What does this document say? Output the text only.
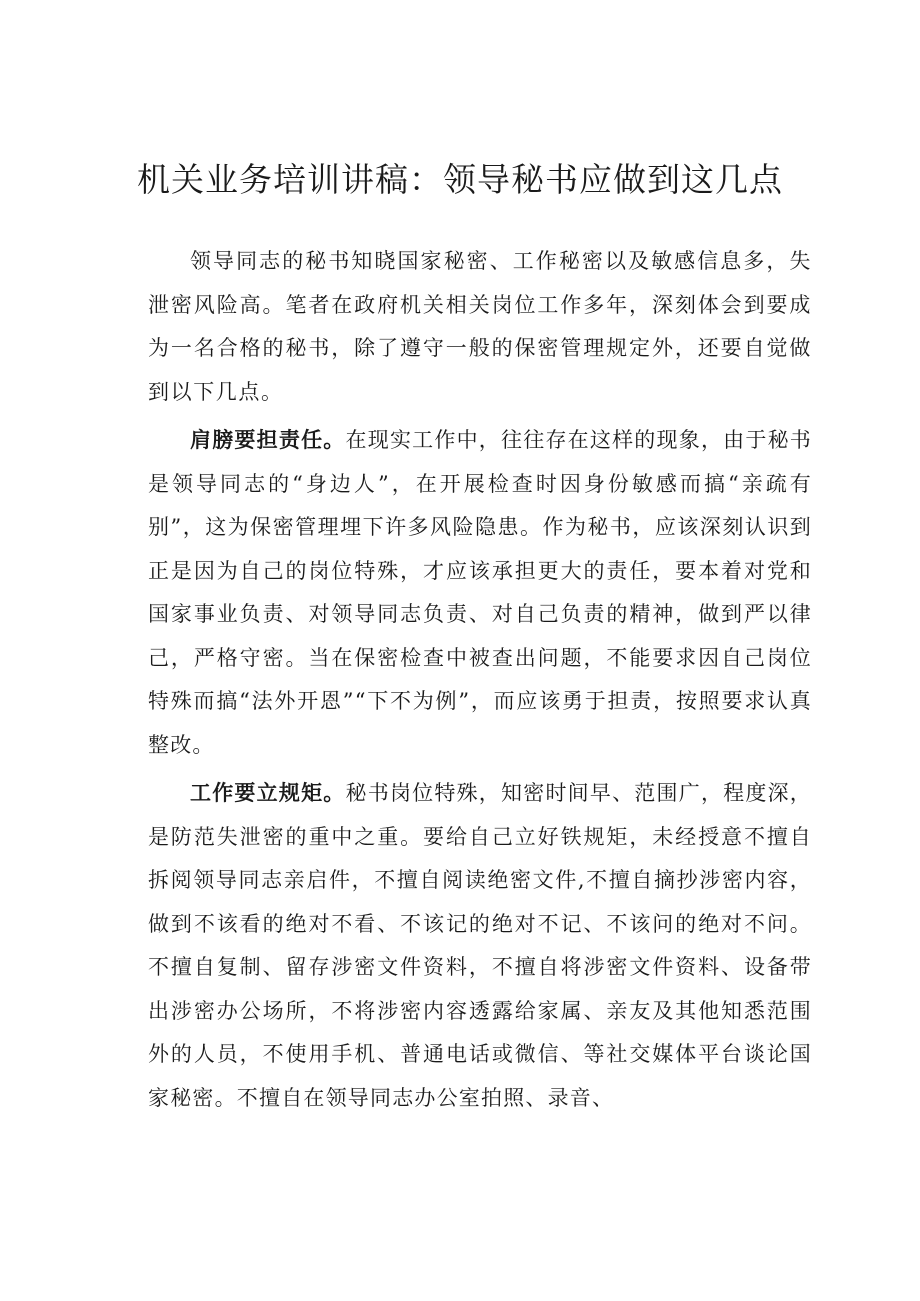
机关业务培训讲稿：领导秘书应做到这几点

领导同志的秘书知晓国家秘密、工作秘密以及敏感信息多，失泄密风险高。笔者在政府机关相关岗位工作多年，深刻体会到要成为一名合格的秘书，除了遵守一般的保密管理规定外，还要自觉做到以下几点。

肩膀要担责任。在现实工作中，往往存在这样的现象，由于秘书是领导同志的“身边人”，在开展检查时因身份敏感而搞“亲疏有别”，这为保密管理埋下许多风险隐患。作为秘书，应该深刻认识到正是因为自己的岗位特殊，才应该承担更大的责任，要本着对党和国家事业负责、对领导同志负责、对自己负责的精神，做到严以律己，严格守密。当在保密检查中被查出问题，不能要求因自己岗位特殊而搞“法外开恩”“下不为例”，而应该勇于担责，按照要求认真整改。

工作要立规矩。秘书岗位特殊，知密时间早、范围广，程度深，是防范失泄密的重中之重。要给自己立好铁规矩，未经授意不擅自拆阅领导同志亲启件，不擅自阅读绝密文件,不擅自摘抄涉密内容，做到不该看的绝对不看、不该记的绝对不记、不该问的绝对不问。不擅自复制、留存涉密文件资料，不擅自将涉密文件资料、设备带出涉密办公场所，不将涉密内容透露给家属、亲友及其他知悉范围外的人员，不使用手机、普通电话或微信、等社交媒体平台谈论国家秘密。不擅自在领导同志办公室拍照、录音、
